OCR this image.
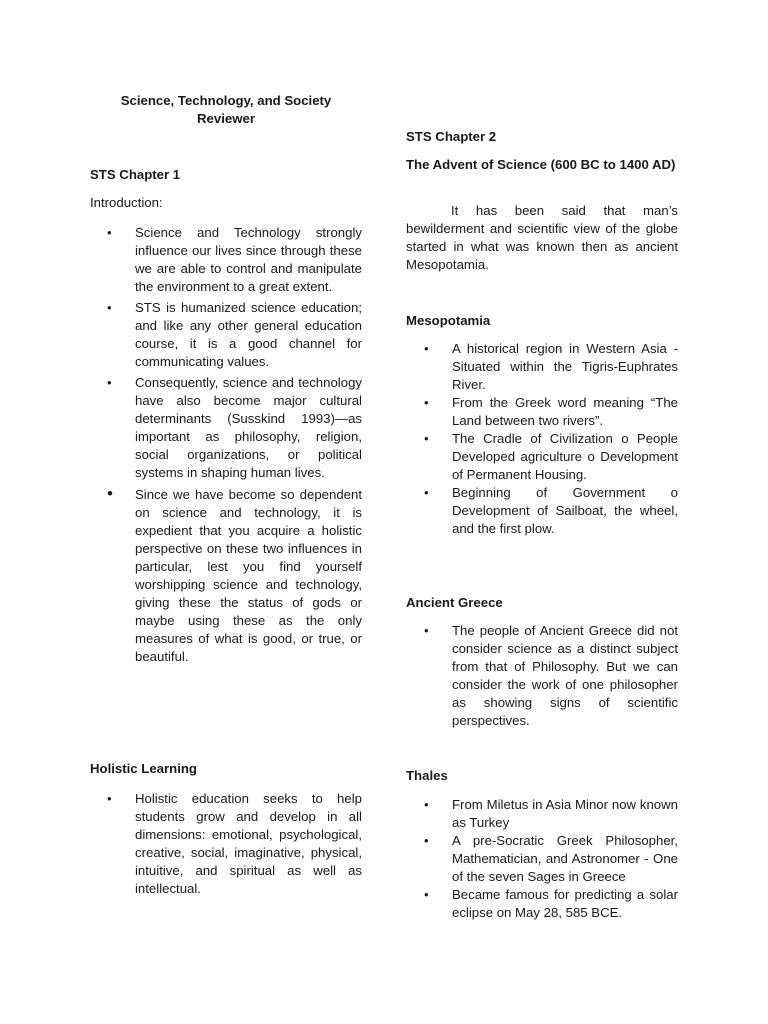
Science, Technology, and Society
Reviewer
STS Chapter 1
Introduction:
• Science and Technology strongly influence our lives since through these we are able to control and manipulate the environment to a great extent.
• STS is humanized science education; and like any other general education course, it is a good channel for communicating values.
• Consequently, science and technology have also become major cultural determinants (Susskind 1993)—as important as philosophy, religion, social organizations, or political systems in shaping human lives.
• Since we have become so dependent on science and technology, it is expedient that you acquire a holistic perspective on these two influences in particular, lest you find yourself worshipping science and technology, giving these the status of gods or maybe using these as the only measures of what is good, or true, or beautiful.
Holistic Learning
• Holistic education seeks to help students grow and develop in all dimensions: emotional, psychological, creative, social, imaginative, physical, intuitive, and spiritual as well as intellectual.
STS Chapter 2
The Advent of Science (600 BC to 1400 AD)

It has been said that man’s bewilderment and scientific view of the globe started in what was known then as ancient Mesopotamia.

Mesopotamia
• A historical region in Western Asia - Situated within the Tigris-Euphrates River.
• From the Greek word meaning “The Land between two rivers”.
• The Cradle of Civilization o People Developed agriculture o Development of Permanent Housing.
• Beginning of Government o Development of Sailboat, the wheel, and the first plow.
Ancient Greece
• The people of Ancient Greece did not consider science as a distinct subject from that of Philosophy. But we can consider the work of one philosopher as showing signs of scientific perspectives.
Thales
• From Miletus in Asia Minor now known as Turkey
• A pre-Socratic Greek Philosopher, Mathematician, and Astronomer - One of the seven Sages in Greece
• Became famous for predicting a solar eclipse on May 28, 585 BCE.
